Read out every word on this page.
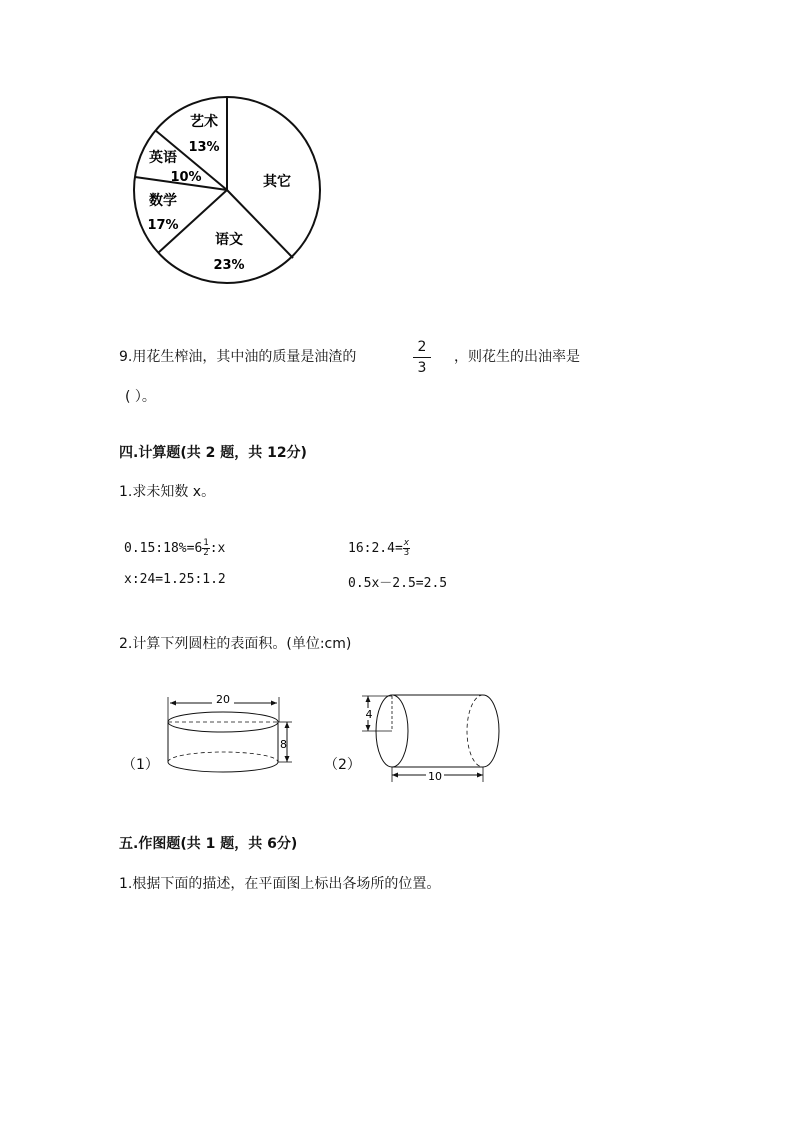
艺术
13%
英语
10%
数学
17%
语文
23%
其它
9.用花生榨油，其中油的质量是油渣的	$\frac{2}{3}$ ，则花生的出油率是
( ）。
四.计算题(共 2 题，共 12分)
1.求未知数 x。
0.15:18%=6 $\frac{1}{2}$ :x	16:2.4= $\frac{x}{3}$
x:24=1.25:1.2	0.5x－2.5=2.5
2.计算下列圆柱的表面积。(单位:cm)
（1）
20
8
（2）
4
10
五.作图题(共 1 题，共 6分)
1.根据下面的描述，在平面图上标出各场所的位置。
